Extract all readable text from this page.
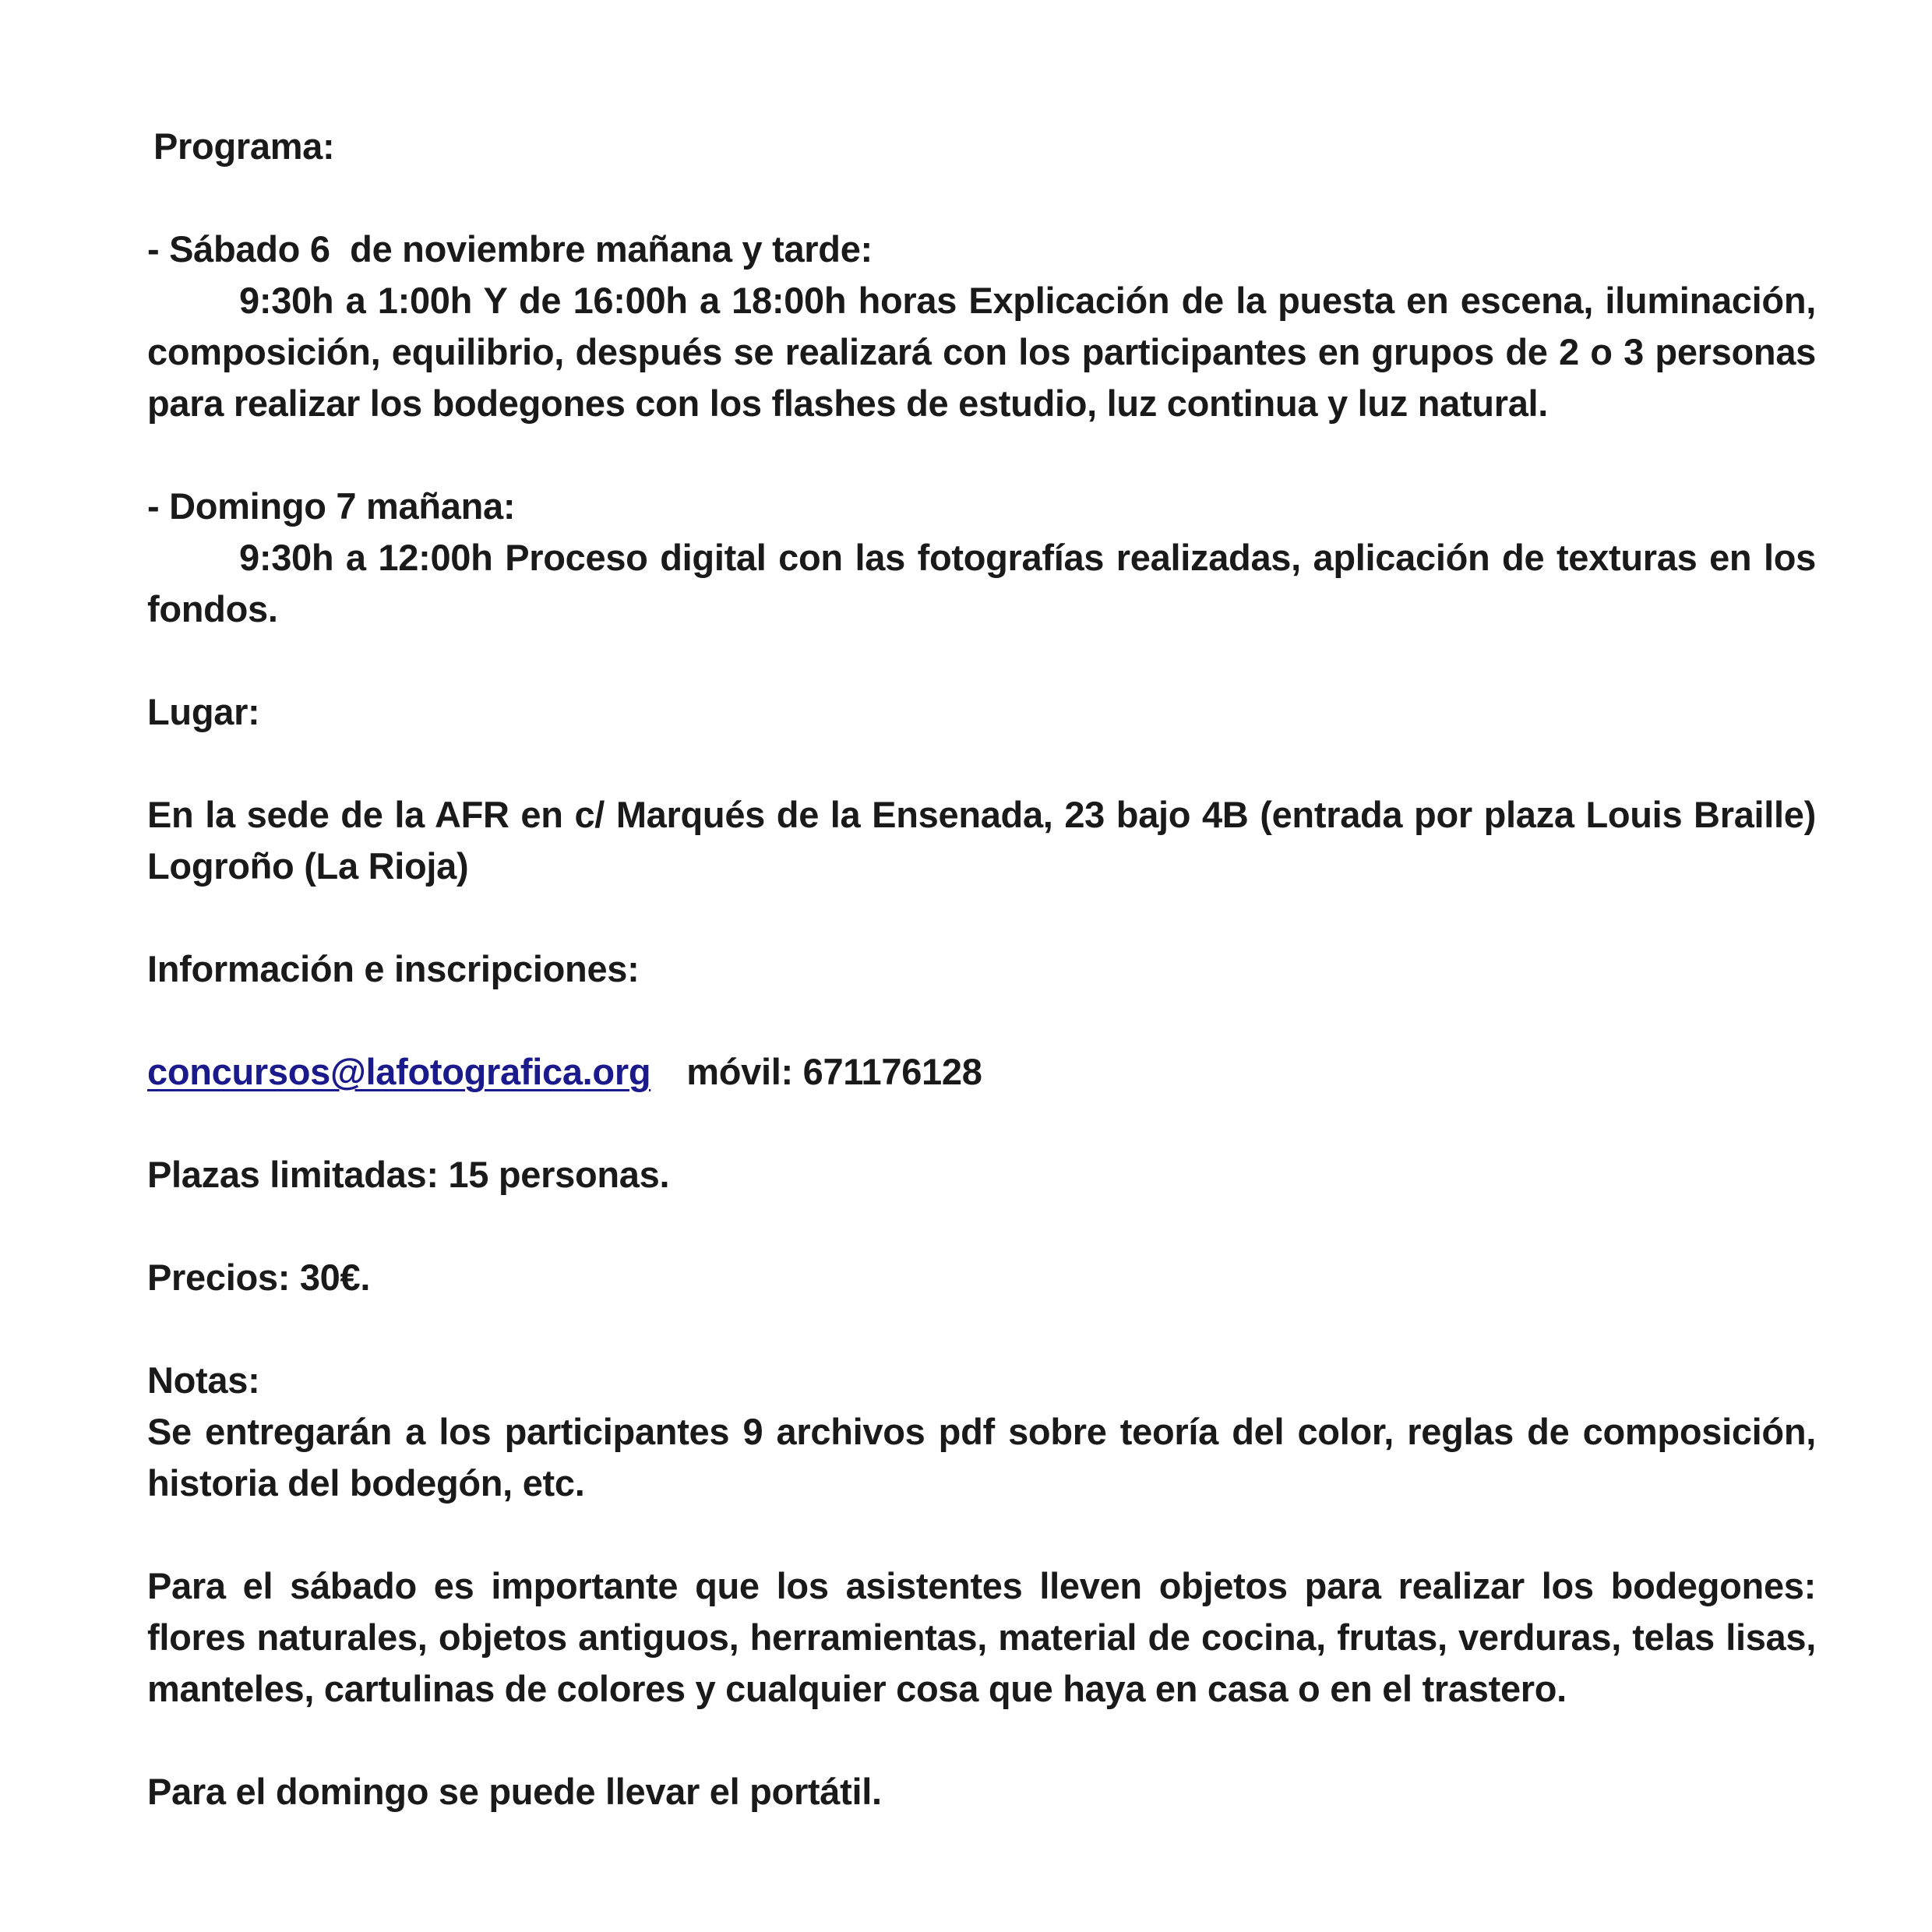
Programa:

- Sábado 6  de noviembre mañana y tarde:

9:30h a 1:00h Y de 16:00h a 18:00h horas Explicación de la puesta en escena, iluminación, composición, equilibrio, después se realizará con los participantes en grupos de 2 o 3 personas para realizar los bodegones con los flashes de estudio, luz continua y luz natural.

- Domingo 7 mañana:

9:30h a 12:00h Proceso digital con las fotografías realizadas, aplicación de texturas en los fondos.

Lugar:

En la sede de la AFR en c/ Marqués de la Ensenada, 23 bajo 4B (entrada por plaza Louis Braille) Logroño (La Rioja)

Información e inscripciones:

concursos@lafotografica.org móvil: 671176128

Plazas limitadas: 15 personas.

Precios: 30€.

Notas:

Se entregarán a los participantes 9 archivos pdf sobre teoría del color, reglas de composición, historia del bodegón, etc.

Para el sábado es importante que los asistentes lleven objetos para realizar los bodegones: flores naturales, objetos antiguos, herramientas, material de cocina, frutas, verduras, telas lisas, manteles, cartulinas de colores y cualquier cosa que haya en casa o en el trastero.

Para el domingo se puede llevar el portátil.
